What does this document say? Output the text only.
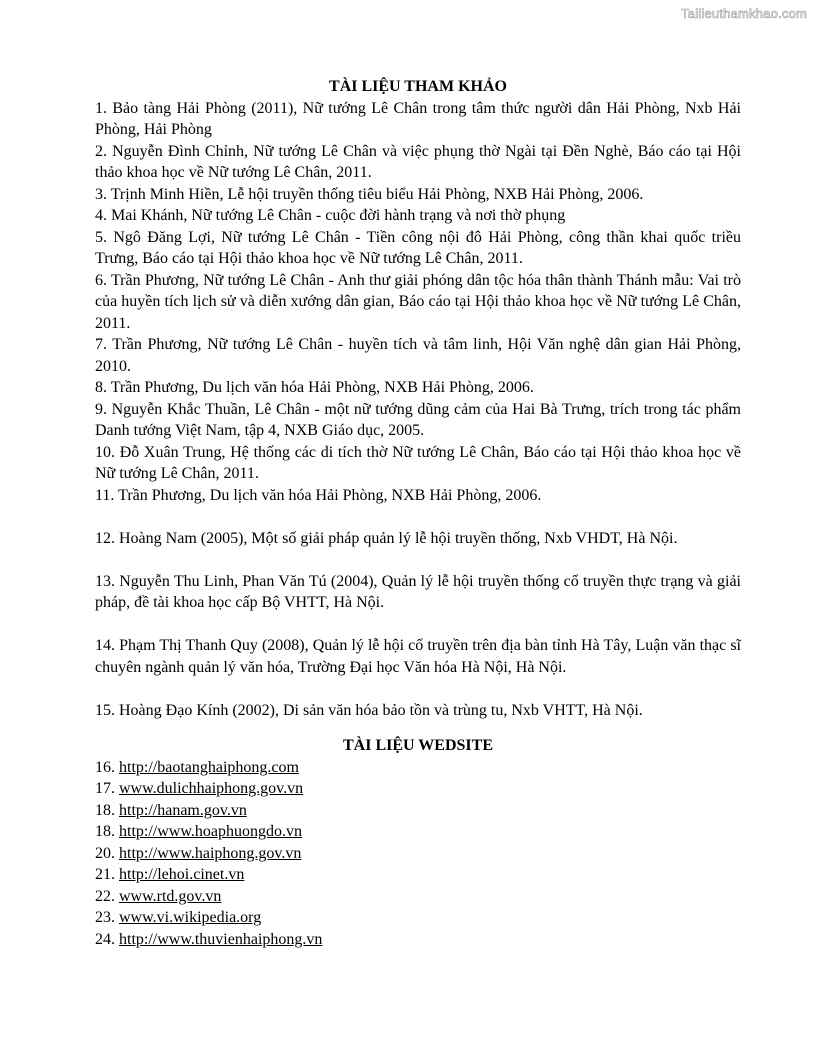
Tailieuthamkhao.com

TÀI LIỆU THAM KHẢO

1. Bảo tàng Hải Phòng (2011), Nữ tướng Lê Chân trong tâm thức người dân Hải Phòng, Nxb Hải Phòng, Hải Phòng

2. Nguyễn Đình Chỉnh, Nữ tướng Lê Chân và việc phụng thờ Ngài tại Đền Nghè, Báo cáo tại Hội thảo khoa học về Nữ tướng Lê Chân, 2011.

3. Trịnh Minh Hiền, Lễ hội truyền thống tiêu biểu Hải Phòng, NXB Hải Phòng, 2006.

4. Mai Khánh, Nữ tướng Lê Chân - cuộc đời hành trạng và nơi thờ phụng

5. Ngô Đăng Lợi, Nữ tướng Lê Chân - Tiền công nội đô Hải Phòng, công thần khai quốc triều Trưng, Báo cáo tại Hội thảo khoa học về Nữ tướng Lê Chân, 2011.

6. Trần Phương, Nữ tướng Lê Chân - Anh thư giải phóng dân tộc hóa thân thành Thánh mẫu: Vai trò của huyền tích lịch sử và diễn xướng dân gian, Báo cáo tại Hội thảo khoa học về Nữ tướng Lê Chân, 2011.

7. Trần Phương, Nữ tướng Lê Chân - huyền tích và tâm linh, Hội Văn nghệ dân gian Hải Phòng, 2010.

8. Trần Phương, Du lịch văn hóa Hải Phòng, NXB Hải Phòng, 2006.

9. Nguyễn Khắc Thuần, Lê Chân - một nữ tướng dũng cảm của Hai Bà Trưng, trích trong tác phẩm Danh tướng Việt Nam, tập 4, NXB Giáo dục, 2005.

10. Đỗ Xuân Trung, Hệ thống các di tích thờ Nữ tướng Lê Chân, Báo cáo tại Hội thảo khoa học về Nữ tướng Lê Chân, 2011.

11. Trần Phương, Du lịch văn hóa Hải Phòng, NXB Hải Phòng, 2006.

12. Hoàng Nam (2005), Một số giải pháp quản lý lễ hội truyền thống, Nxb VHDT, Hà Nội.

13. Nguyễn Thu Linh, Phan Văn Tú (2004), Quản lý lễ hội truyền thống cổ truyền thực trạng và giải pháp, đề tài khoa học cấp Bộ VHTT, Hà Nội.

14. Phạm Thị Thanh Quy (2008), Quản lý lễ hội cổ truyền trên địa bàn tỉnh Hà Tây, Luận văn thạc sĩ chuyên ngành quản lý văn hóa, Trường Đại học Văn hóa Hà Nội, Hà Nội.

15. Hoàng Đạo Kính (2002), Di sản văn hóa bảo tồn và trùng tu, Nxb VHTT, Hà Nội.

TÀI LIỆU WEDSITE

16. http://baotanghaiphong.com

17. www.dulichhaiphong.gov.vn

18. http://hanam.gov.vn

18. http://www.hoaphuongdo.vn

20. http://www.haiphong.gov.vn

21. http://lehoi.cinet.vn

22. www.rtd.gov.vn

23. www.vi.wikipedia.org

24. http://www.thuvienhaiphong.vn
